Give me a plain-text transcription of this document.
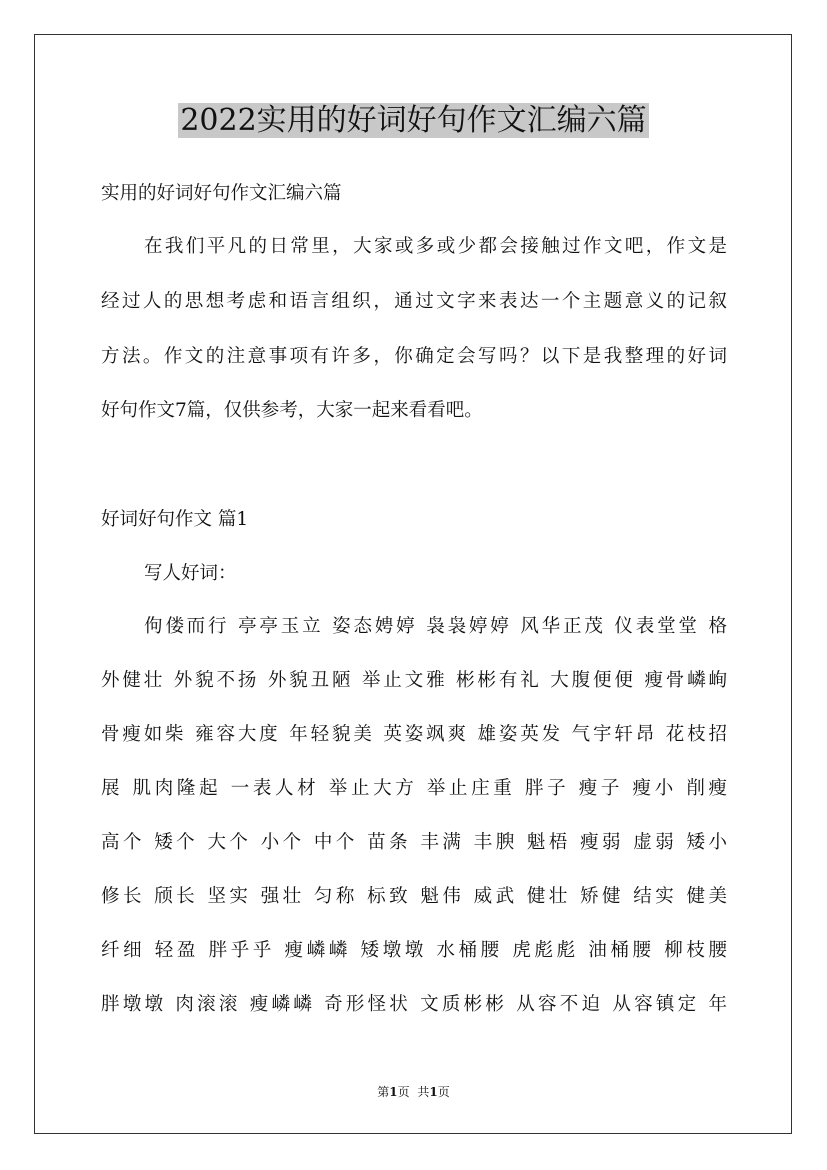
2022实用的好词好句作文汇编六篇
实用的好词好句作文汇编六篇
在我们平凡的日常里，大家或多或少都会接触过作文吧，作文是
经过人的思想考虑和语言组织，通过文字来表达一个主题意义的记叙
方法。作文的注意事项有许多，你确定会写吗？以下是我整理的好词
好句作文7篇，仅供参考，大家一起来看看吧。
好词好句作文 篇1
写人好词：
佝偻而行 亭亭玉立 姿态娉婷 袅袅婷婷 风华正茂 仪表堂堂 格
外健壮 外貌不扬 外貌丑陋 举止文雅 彬彬有礼 大腹便便 瘦骨嶙峋
骨瘦如柴 雍容大度 年轻貌美 英姿飒爽 雄姿英发 气宇轩昂 花枝招
展 肌肉隆起 一表人材 举止大方 举止庄重 胖子 瘦子 瘦小 削瘦
高个 矮个 大个 小个 中个 苗条 丰满 丰腴 魁梧 瘦弱 虚弱 矮小
修长 颀长 坚实 强壮 匀称 标致 魁伟 威武 健壮 矫健 结实 健美
纤细 轻盈 胖乎乎 瘦嶙嶙 矮墩墩 水桶腰 虎彪彪 油桶腰 柳枝腰
胖墩墩 肉滚滚 瘦嶙嶙 奇形怪状 文质彬彬 从容不迫 从容镇定 年
第1页 共1页
